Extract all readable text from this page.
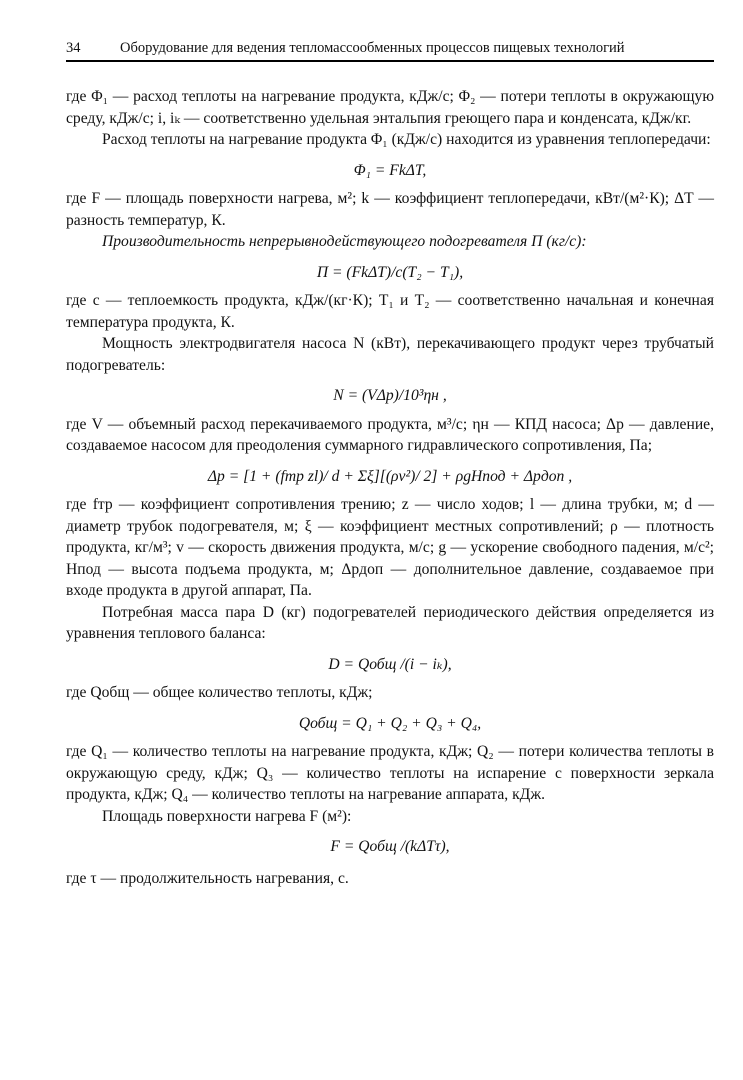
34	Оборудование для ведения тепломассообменных процессов пищевых технологий

где Φ₁ — расход теплоты на нагревание продукта, кДж/с; Φ₂ — потери теплоты в окружающую среду, кДж/с; i, iₖ — соответственно удельная энтальпия греющего пара и конденсата, кДж/кг.

Расход теплоты на нагревание продукта Φ₁ (кДж/с) находится из уравнения теплопередачи:

Φ₁ = FkΔT,

где F — площадь поверхности нагрева, м²; k — коэффициент теплопередачи, кВт/(м²·К); ΔT — разность температур, К.

Производительность непрерывнодействующего подогревателя П (кг/с):

П = (FkΔT)/c(T₂ − T₁),

где c — теплоемкость продукта, кДж/(кг·К); T₁ и T₂ — соответственно начальная и конечная температура продукта, К.

Мощность электродвигателя насоса N (кВт), перекачивающего продукт через трубчатый подогреватель:

N = (VΔp)/10³ηн ,

где V — объемный расход перекачиваемого продукта, м³/с; ηн — КПД насоса; Δp — давление, создаваемое насосом для преодоления суммарного гидравлического сопротивления, Па;

Δp = [1 + (fтр zl)/ d + Σξ][(ρv²)/ 2] + ρgHпод + Δpдоп ,

где fтр — коэффициент сопротивления трению; z — число ходов; l — длина трубки, м; d — диаметр трубок подогревателя, м; ξ — коэффициент местных сопротивлений; ρ — плотность продукта, кг/м³; v — скорость движения продукта, м/с; g — ускорение свободного падения, м/с²; Hпод — высота подъема продукта, м; Δpдоп — дополнительное давление, создаваемое при входе продукта в другой аппарат, Па.

Потребная масса пара D (кг) подогревателей периодического действия определяется из уравнения теплового баланса:

D = Qобщ /(i − iₖ),

где Qобщ — общее количество теплоты, кДж;

Qобщ = Q₁ + Q₂ + Q₃ + Q₄,

где Q₁ — количество теплоты на нагревание продукта, кДж; Q₂ — потери количества теплоты в окружающую среду, кДж; Q₃ — количество теплоты на испарение с поверхности зеркала продукта, кДж; Q₄ — количество теплоты на нагревание аппарата, кДж.

Площадь поверхности нагрева F (м²):

F = Qобщ /(kΔTτ),

где τ — продолжительность нагревания, с.
